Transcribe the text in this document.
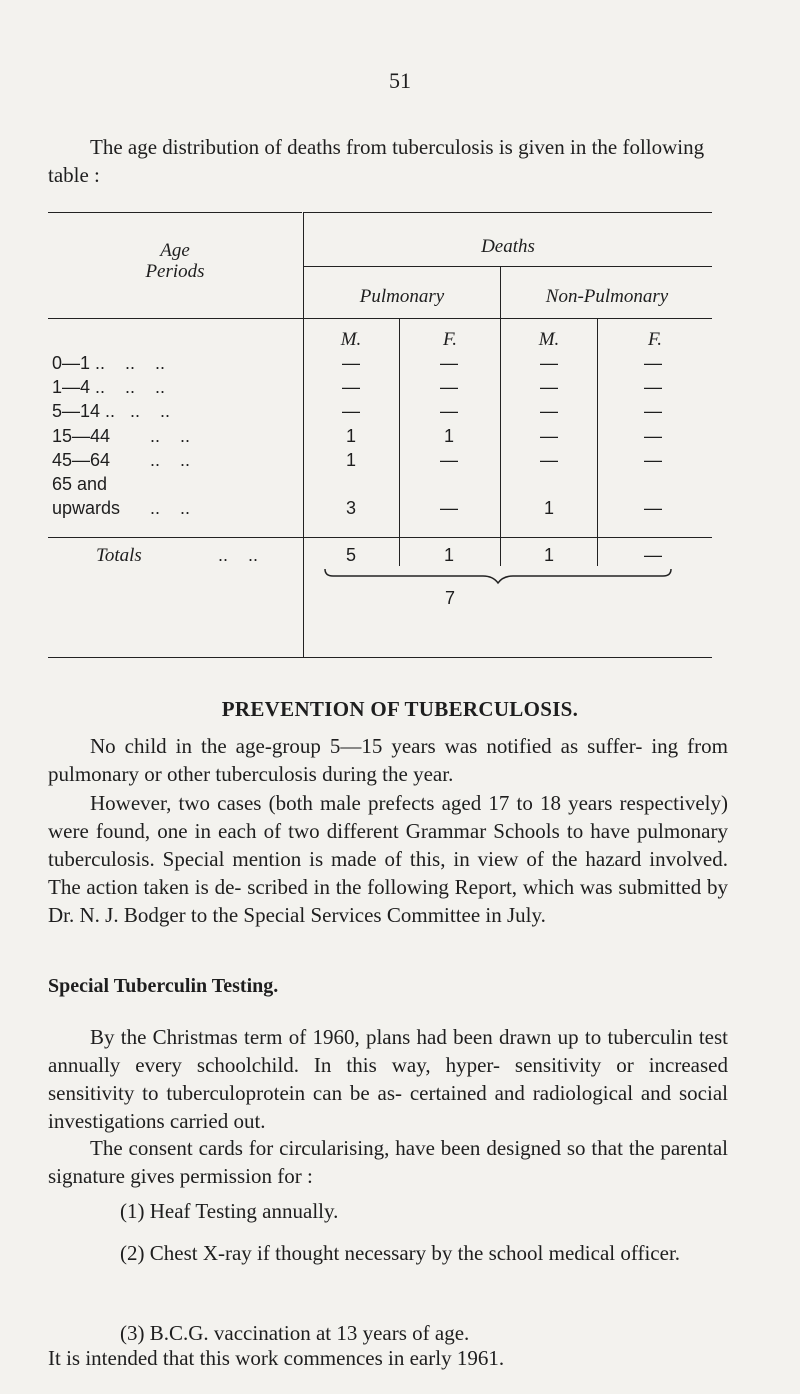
51
The age distribution of deaths from tuberculosis is given in the following table :
Age
Periods
Deaths
Pulmonary	Non-Pulmonary
M.	F.	M.	F.
0—1 ..    ..    ..	—	—	—	—
1—4 ..    ..    ..	—	—	—	—
5—14 ..   ..    ..	—	—	—	—
15—44        ..    ..	1	1	—	—
45—64        ..    ..	1	—	—	—
65 and
upwards      ..    ..	3	—	1	—
Totals	..    ..	5	1	1	—
7
PREVENTION OF TUBERCULOSIS.
No child in the age-group 5—15 years was notified as suffer- ing from pulmonary or other tuberculosis during the year.
However, two cases (both male prefects aged 17 to 18 years respectively) were found, one in each of two different Grammar Schools to have pulmonary tuberculosis. Special mention is made of this, in view of the hazard involved. The action taken is de- scribed in the following Report, which was submitted by Dr. N. J. Bodger to the Special Services Committee in July.
Special Tuberculin Testing.
By the Christmas term of 1960, plans had been drawn up to tuberculin test annually every schoolchild. In this way, hyper- sensitivity or increased sensitivity to tuberculoprotein can be as- certained and radiological and social investigations carried out.
The consent cards for circularising, have been designed so that the parental signature gives permission for :
(1) Heaf Testing annually.
(2) Chest X-ray if thought necessary by the school medical officer.
(3) B.C.G. vaccination at 13 years of age.
It is intended that this work commences in early 1961.
